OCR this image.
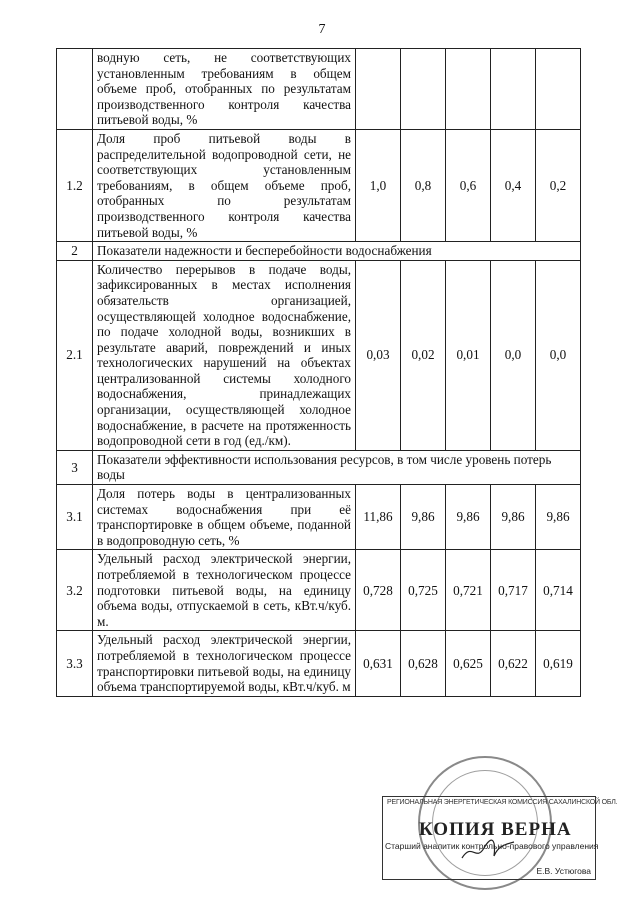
7
	водную сеть, не соответствующих установленным требованиям в общем объеме проб, отобранных по результатам производственного контроля качества питьевой воды, %					
1.2	Доля проб питьевой воды в распределительной водопроводной сети, не соответствующих установленным требованиям, в общем объеме проб, отобранных по результатам производственного контроля качества питьевой воды, %	1,0	0,8	0,6	0,4	0,2
2	Показатели надежности и бесперебойности водоснабжения					
2.1	Количество перерывов в подаче воды, зафиксированных в местах исполнения обязательств организацией, осуществляющей холодное водоснабжение, по подаче холодной воды, возникших в результате аварий, повреждений и иных технологических нарушений на объектах централизованной системы холодного водоснабжения, принадлежащих организации, осуществляющей холодное водоснабжение, в расчете на протяженность водопроводной сети в год (ед./км).	0,03	0,02	0,01	0,0	0,0
3	Показатели эффективности использования ресурсов, в том числе уровень потерь воды					
3.1	Доля потерь воды в централизованных системах водоснабжения при её транспортировке в общем объеме, поданной в водопроводную сеть, %	11,86	9,86	9,86	9,86	9,86
3.2	Удельный расход электрической энергии, потребляемой в технологическом процессе подготовки питьевой воды, на единицу объема воды, отпускаемой в сеть, кВт.ч/куб. м.	0,728	0,725	0,721	0,717	0,714
3.3	Удельный расход электрической энергии, потребляемой в технологическом процессе транспортировки питьевой воды, на единицу объема транспортируемой воды, кВт.ч/куб. м	0,631	0,628	0,625	0,622	0,619
РЕГИОНАЛЬНАЯ ЭНЕРГЕТИЧЕСКАЯ КОМИССИЯ САХАЛИНСКОЙ ОБЛ.
КОПИЯ ВЕРНА
Старший аналитик контрольно-правового управления
Е.В. Устюгова
